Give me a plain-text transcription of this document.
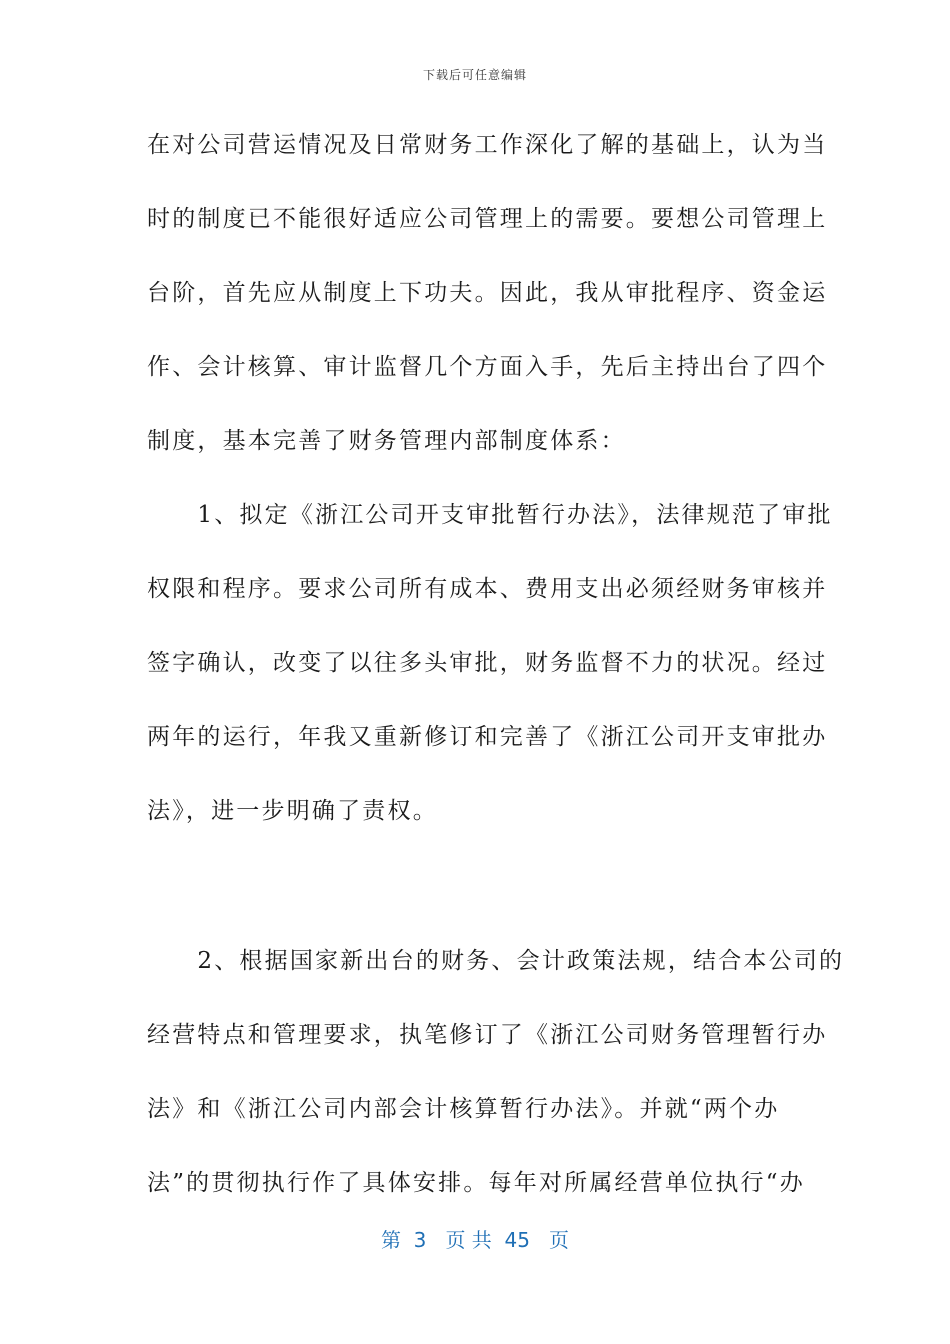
下载后可任意编辑
在对公司营运情况及日常财务工作深化了解的基础上，认为当
时的制度已不能很好适应公司管理上的需要。要想公司管理上
台阶，首先应从制度上下功夫。因此，我从审批程序、资金运
作、会计核算、审计监督几个方面入手，先后主持出台了四个
制度，基本完善了财务管理内部制度体系：
　　1、拟定《浙江公司开支审批暂行办法》，法律规范了审批
权限和程序。要求公司所有成本、费用支出必须经财务审核并
签字确认，改变了以往多头审批，财务监督不力的状况。经过
两年的运行，年我又重新修订和完善了《浙江公司开支审批办
法》，进一步明确了责权。
　　2、根据国家新出台的财务、会计政策法规，结合本公司的
经营特点和管理要求，执笔修订了《浙江公司财务管理暂行办
法》和《浙江公司内部会计核算暂行办法》。并就“两个办
法”的贯彻执行作了具体安排。每年对所属经营单位执行“办
第  3   页 共  45   页
